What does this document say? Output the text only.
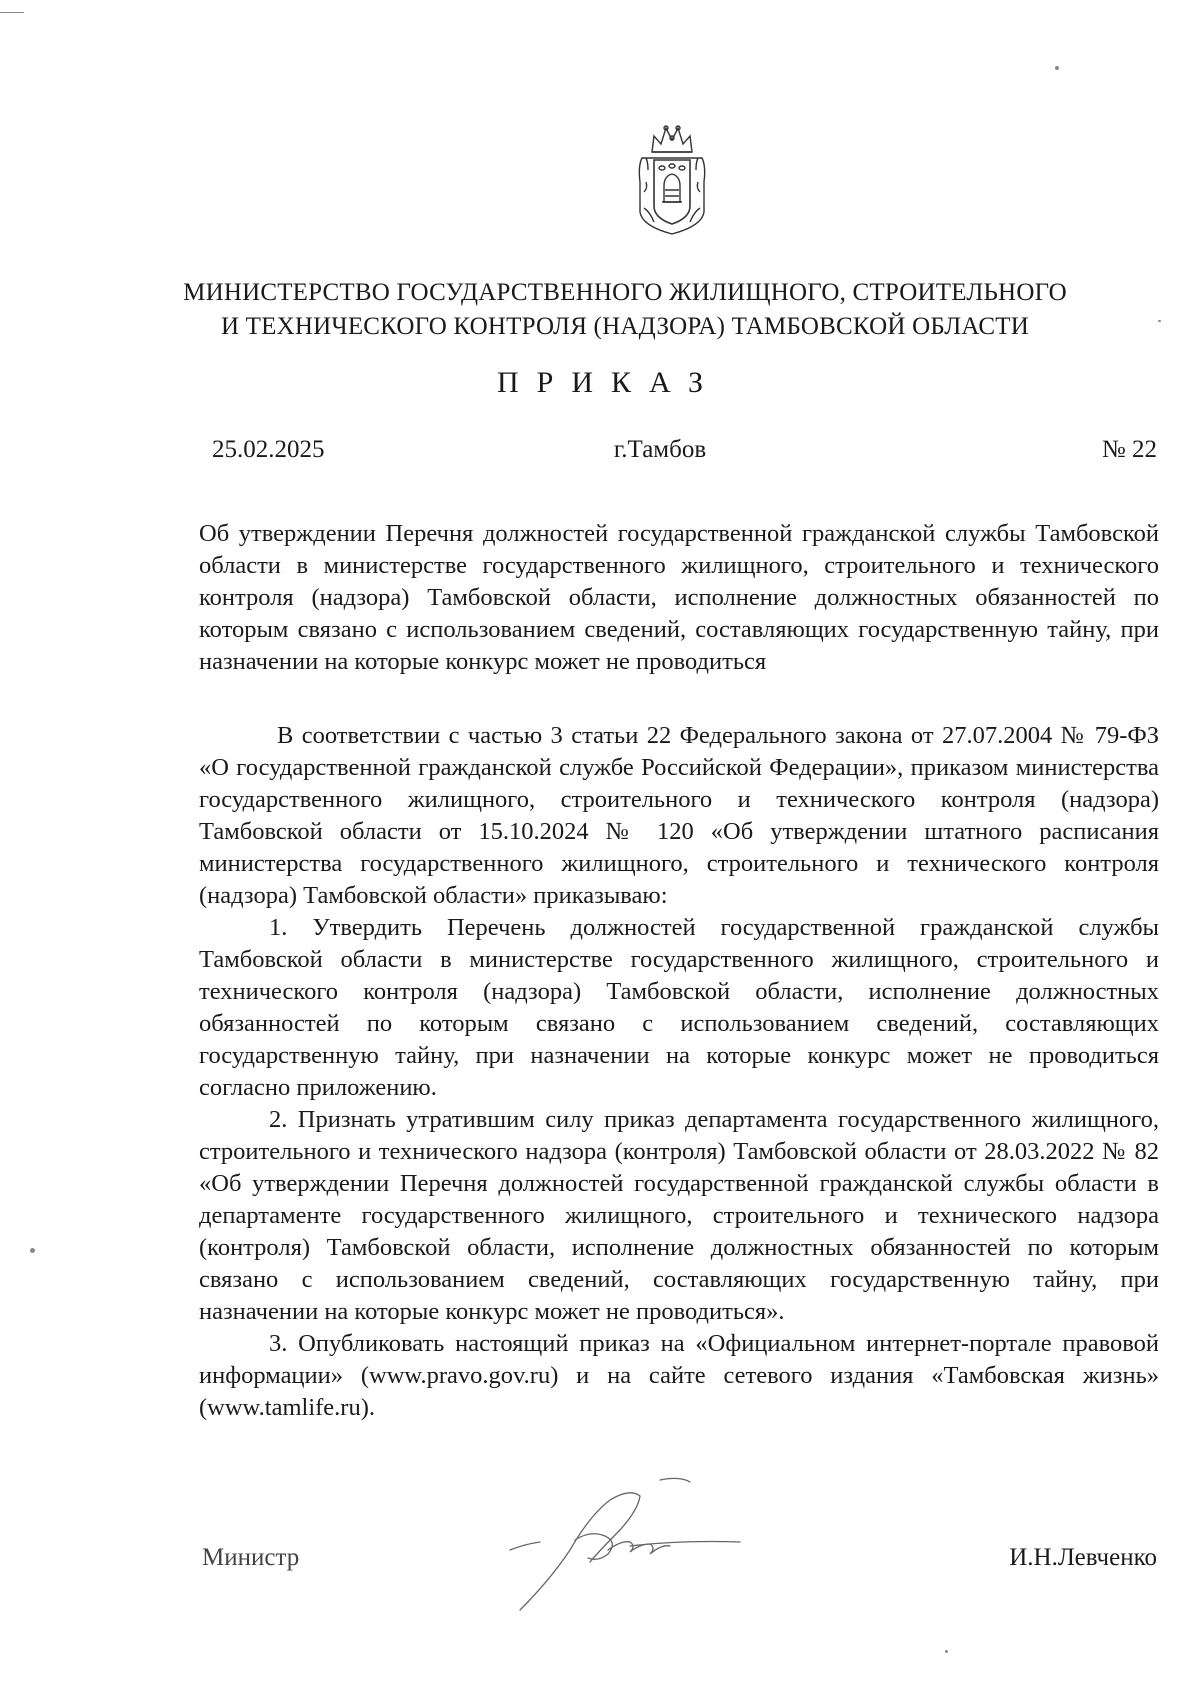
МИНИСТЕРСТВО ГОСУДАРСТВЕННОГО ЖИЛИЩНОГО, СТРОИТЕЛЬНОГО
И ТЕХНИЧЕСКОГО КОНТРОЛЯ (НАДЗОРА) ТАМБОВСКОЙ ОБЛАСТИ
ПРИКАЗ
25.02.2025	г.Тамбов	№ 22
Об утверждении Перечня должностей государственной гражданской службы Тамбовской области в министерстве государственного жилищного, строительного и технического контроля (надзора) Тамбовской области, исполнение должностных обязанностей по которым связано с использованием сведений, составляющих государственную тайну, при назначении на которые конкурс может не проводиться

В соответствии с частью 3 статьи 22 Федерального закона от 27.07.2004 № 79-ФЗ «О государственной гражданской службе Российской Федерации», приказом министерства государственного жилищного, строительного и технического контроля (надзора) Тамбовской области от 15.10.2024 № 120 «Об утверждении штатного расписания министерства государственного жилищного, строительного и технического контроля (надзора) Тамбовской области» приказываю:

1. Утвердить Перечень должностей государственной гражданской службы Тамбовской области в министерстве государственного жилищного, строительного и технического контроля (надзора) Тамбовской области, исполнение должностных обязанностей по которым связано с использованием сведений, составляющих государственную тайну, при назначении на которые конкурс может не проводиться согласно приложению.

2. Признать утратившим силу приказ департамента государственного жилищного, строительного и технического надзора (контроля) Тамбовской области от 28.03.2022 № 82 «Об утверждении Перечня должностей государственной гражданской службы области в департаменте государственного жилищного, строительного и технического надзора (контроля) Тамбовской области, исполнение должностных обязанностей по которым связано с использованием сведений, составляющих государственную тайну, при назначении на которые конкурс может не проводиться».

3. Опубликовать настоящий приказ на «Официальном интернет-портале правовой информации» (www.pravo.gov.ru) и на сайте сетевого издания «Тамбовская жизнь» (www.tamlife.ru).

Министр	И.Н.Левченко
